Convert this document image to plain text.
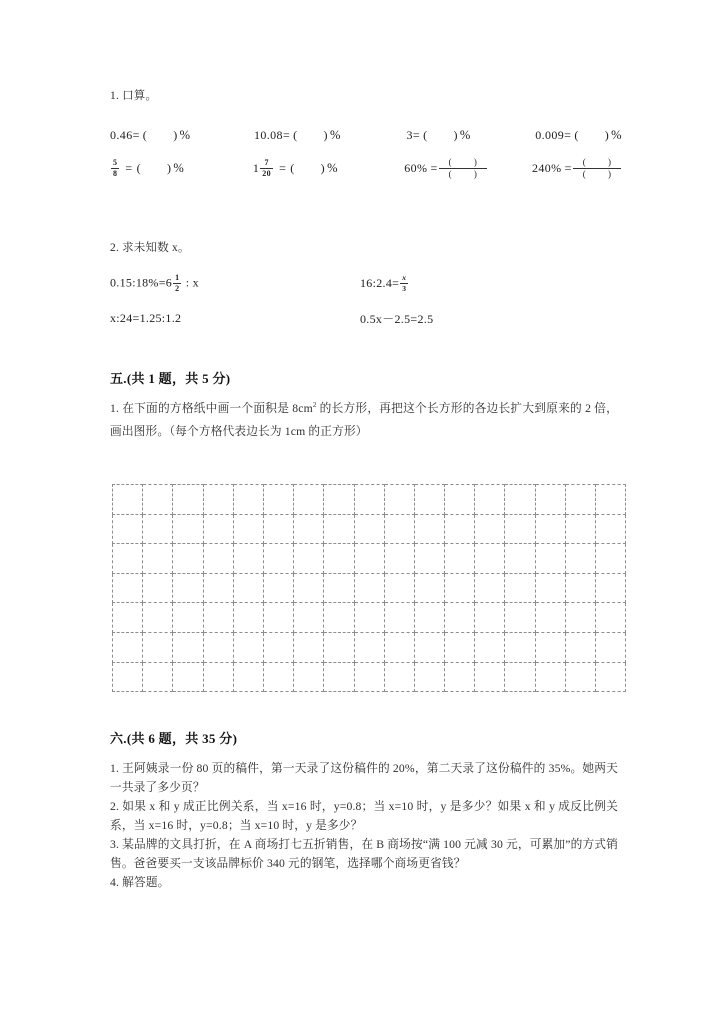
1. 口算。
0.46= ( ) %	10.08= ( ) %	3= ( ) %	0.009= ( ) %
$\frac{5}{8}$ = ( ) %	$1 \frac{7}{20}$ = ( ) %	$60\% = \frac{( )}{( )}$	$240\% = \frac{( )}{( )}$
2. 求未知数 x。
0.15:18%=6 $\frac{1}{2}$ : x	16:2.4= $\frac{x}{3}$
x:24=1.25:1.2	0.5x－2.5=2.5
五.(共 1 题，共 5 分)
1. 在下面的方格纸中画一个面积是 $8cm^2$ 的长方形，再把这个长方形的各边长扩大到原来的 2 倍，画出图形。（每个方格代表边长为 1cm 的正方形）

六.(共 6 题，共 35 分)
1. 王阿姨录一份 80 页的稿件，第一天录了这份稿件的 20%，第二天录了这份稿件的 35%。她两天一共录了多少页？
2. 如果 x 和 y 成正比例关系，当 x=16 时，y=0.8；当 x=10 时，y 是多少？如果 x 和 y 成反比例关系，当 x=16 时，y=0.8；当 x=10 时，y 是多少？
3. 某品牌的文具打折，在 A 商场打七五折销售，在 B 商场按“满 100 元减 30 元，可累加”的方式销售。爸爸要买一支该品牌标价 340 元的钢笔，选择哪个商场更省钱？
4. 解答题。
